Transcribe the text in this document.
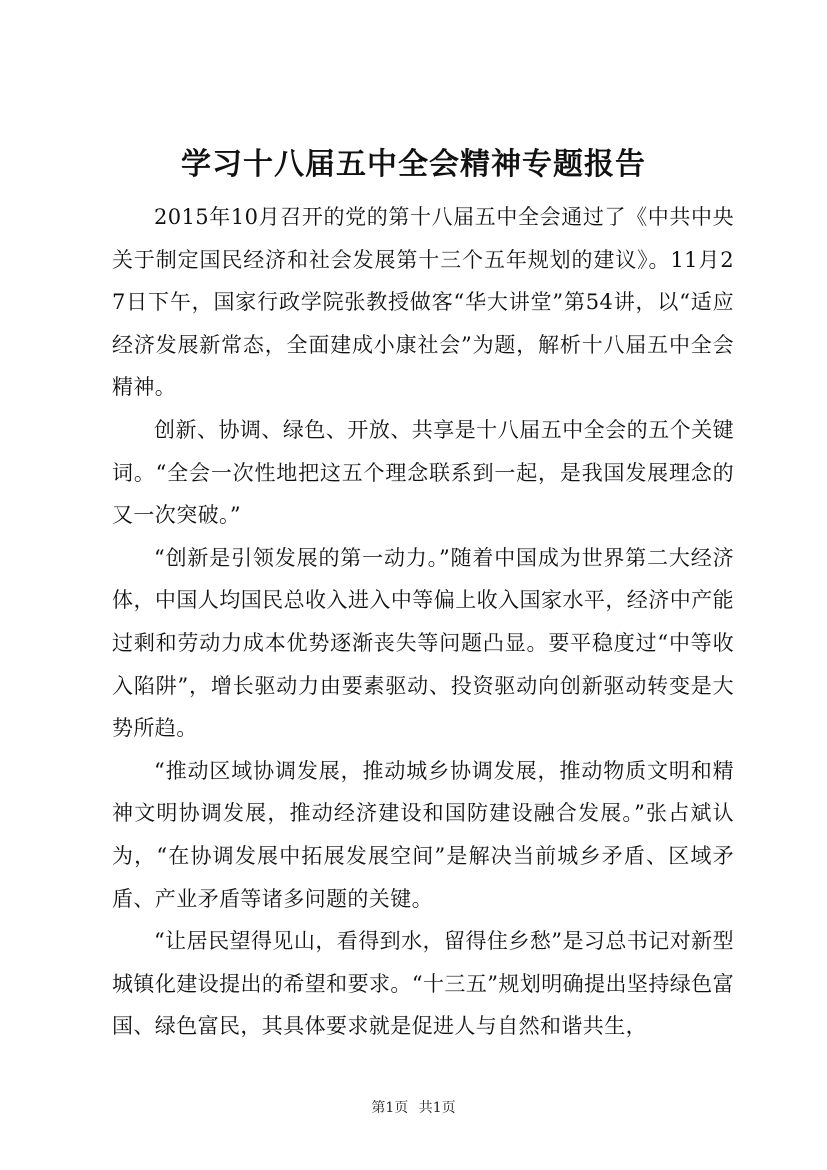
学习十八届五中全会精神专题报告

2015年10月召开的党的第十八届五中全会通过了《中共中央关于制定国民经济和社会发展第十三个五年规划的建议》。11月27日下午，国家行政学院张教授做客“华大讲堂”第54讲，以“适应经济发展新常态，全面建成小康社会”为题，解析十八届五中全会精神。

创新、协调、绿色、开放、共享是十八届五中全会的五个关键词。“全会一次性地把这五个理念联系到一起，是我国发展理念的又一次突破。”

“创新是引领发展的第一动力。”随着中国成为世界第二大经济体，中国人均国民总收入进入中等偏上收入国家水平，经济中产能过剩和劳动力成本优势逐渐丧失等问题凸显。要平稳度过“中等收入陷阱”，增长驱动力由要素驱动、投资驱动向创新驱动转变是大势所趋。

“推动区域协调发展，推动城乡协调发展，推动物质文明和精神文明协调发展，推动经济建设和国防建设融合发展。”张占斌认为，“在协调发展中拓展发展空间”是解决当前城乡矛盾、区域矛盾、产业矛盾等诸多问题的关键。

“让居民望得见山，看得到水，留得住乡愁”是习总书记对新型城镇化建设提出的希望和要求。“十三五”规划明确提出坚持绿色富国、绿色富民，其具体要求就是促进人与自然和谐共生，

第1页 共1页
